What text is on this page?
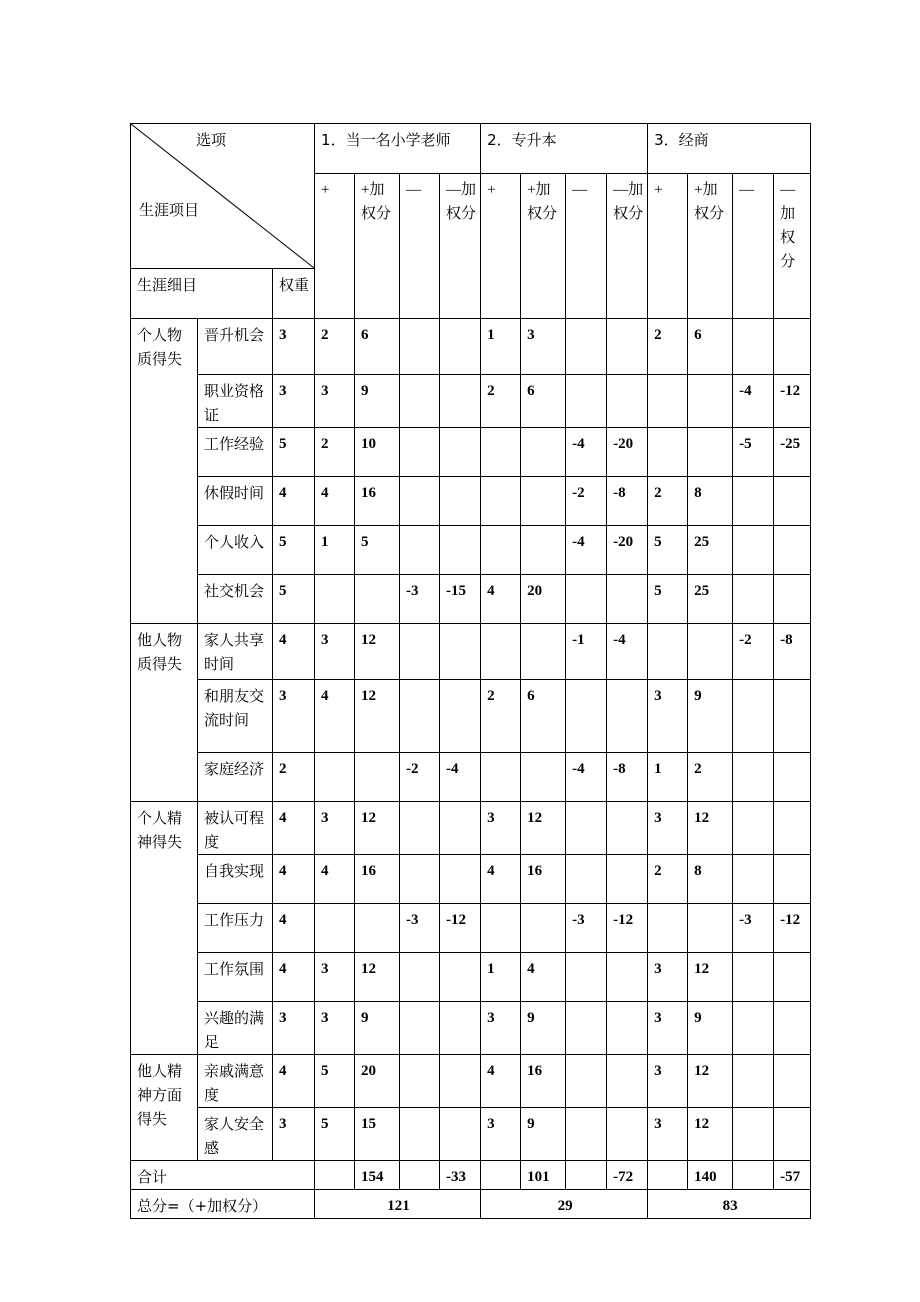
选项
生涯项目			1．当一名小学老师				2．专升本				3．经商			
			+	+加权分	—	—加权分	+	+加权分	—	—加权分	+	+加权分	—	—加权分
生涯细目		权重												
个人物质得失	晋升机会	3	2	6			1	3			2	6		
	职业资格证	3	3	9			2	6					-4	-12
	工作经验	5	2	10					-4	-20			-5	-25
	休假时间	4	4	16					-2	-8	2	8		
	个人收入	5	1	5					-4	-20	5	25		
	社交机会	5			-3	-15	4	20			5	25		
他人物质得失	家人共享时间	4	3	12					-1	-4			-2	-8
	和朋友交流时间	3	4	12			2	6			3	9		
	家庭经济	2			-2	-4			-4	-8	1	2		
个人精神得失	被认可程度	4	3	12			3	12			3	12		
	自我实现	4	4	16			4	16			2	8		
	工作压力	4			-3	-12			-3	-12			-3	-12
	工作氛围	4	3	12			1	4			3	12		
	兴趣的满足	3	3	9			3	9			3	9		
他人精神方面得失	亲戚满意度	4	5	20			4	16			3	12		
	家人安全感	3	5	15			3	9			3	12		
合计				154		-33		101		-72		140		-57
总分=（+加权分）			121				29				83			
